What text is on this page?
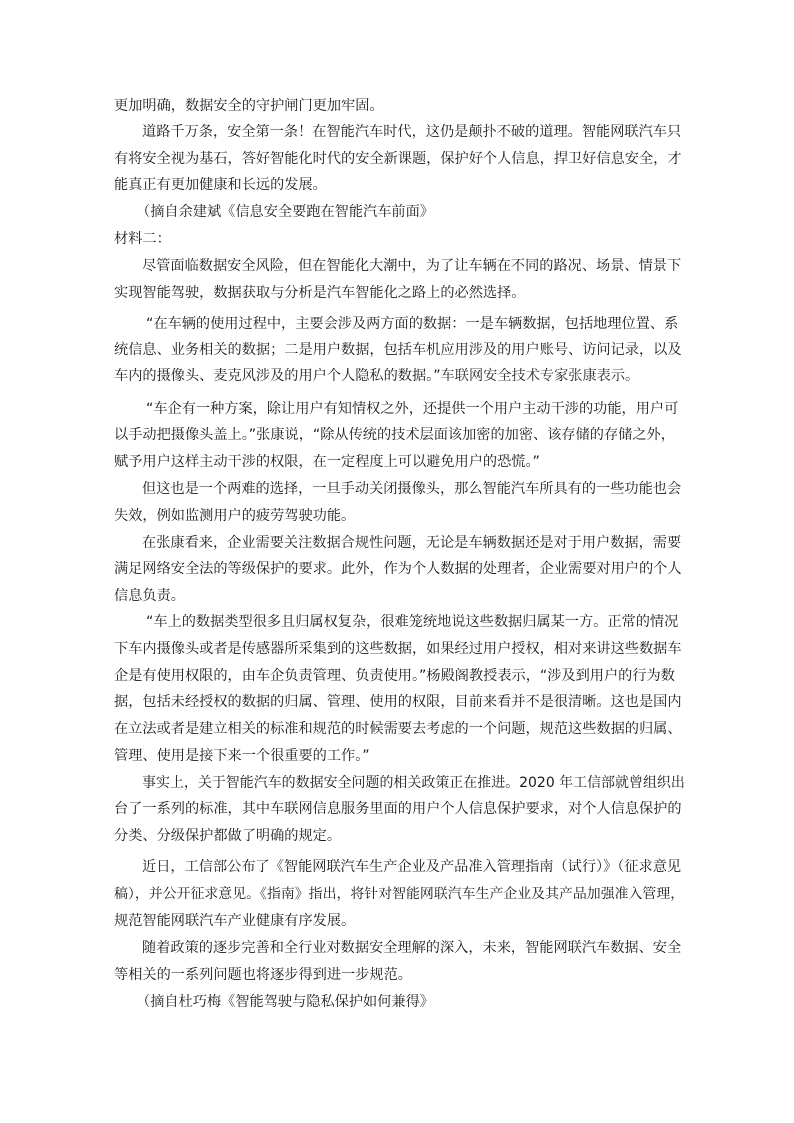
更加明确，数据安全的守护闸门更加牢固。
道路千万条，安全第一条！在智能汽车时代，这仍是颠扑不破的道理。智能网联汽车只
有将安全视为基石，答好智能化时代的安全新课题，保护好个人信息，捍卫好信息安全，才
能真正有更加健康和长远的发展。
（摘自余建斌《信息安全要跑在智能汽车前面》
材料二：
尽管面临数据安全风险，但在智能化大潮中，为了让车辆在不同的路况、场景、情景下
实现智能驾驶，数据获取与分析是汽车智能化之路上的必然选择。
“在车辆的使用过程中，主要会涉及两方面的数据：一是车辆数据，包括地理位置、系
统信息、业务相关的数据；二是用户数据，包括车机应用涉及的用户账号、访问记录，以及
车内的摄像头、麦克风涉及的用户个人隐私的数据。”车联网安全技术专家张康表示。
“车企有一种方案，除让用户有知情权之外，还提供一个用户主动干涉的功能，用户可
以手动把摄像头盖上。”张康说，“除从传统的技术层面该加密的加密、该存储的存储之外，
赋予用户这样主动干涉的权限，在一定程度上可以避免用户的恐慌。”
但这也是一个两难的选择，一旦手动关闭摄像头，那么智能汽车所具有的一些功能也会
失效，例如监测用户的疲劳驾驶功能。
在张康看来，企业需要关注数据合规性问题，无论是车辆数据还是对于用户数据，需要
满足网络安全法的等级保护的要求。此外，作为个人数据的处理者，企业需要对用户的个人
信息负责。
“车上的数据类型很多且归属权复杂，很难笼统地说这些数据归属某一方。正常的情况
下车内摄像头或者是传感器所采集到的这些数据，如果经过用户授权，相对来讲这些数据车
企是有使用权限的，由车企负责管理、负责使用。”杨殿阁教授表示，“涉及到用户的行为数
据，包括未经授权的数据的归属、管理、使用的权限，目前来看并不是很清晰。这也是国内
在立法或者是建立相关的标准和规范的时候需要去考虑的一个问题，规范这些数据的归属、
管理、使用是接下来一个很重要的工作。”
事实上，关于智能汽车的数据安全问题的相关政策正在推进。2020 年工信部就曾组织出
台了一系列的标准，其中车联网信息服务里面的用户个人信息保护要求，对个人信息保护的
分类、分级保护都做了明确的规定。
近日，工信部公布了《智能网联汽车生产企业及产品准入管理指南（试行）》（征求意见
稿），并公开征求意见。《指南》指出，将针对智能网联汽车生产企业及其产品加强准入管理，
规范智能网联汽车产业健康有序发展。
随着政策的逐步完善和全行业对数据安全理解的深入，未来，智能网联汽车数据、安全
等相关的一系列问题也将逐步得到进一步规范。
（摘自杜巧梅《智能驾驶与隐私保护如何兼得》
